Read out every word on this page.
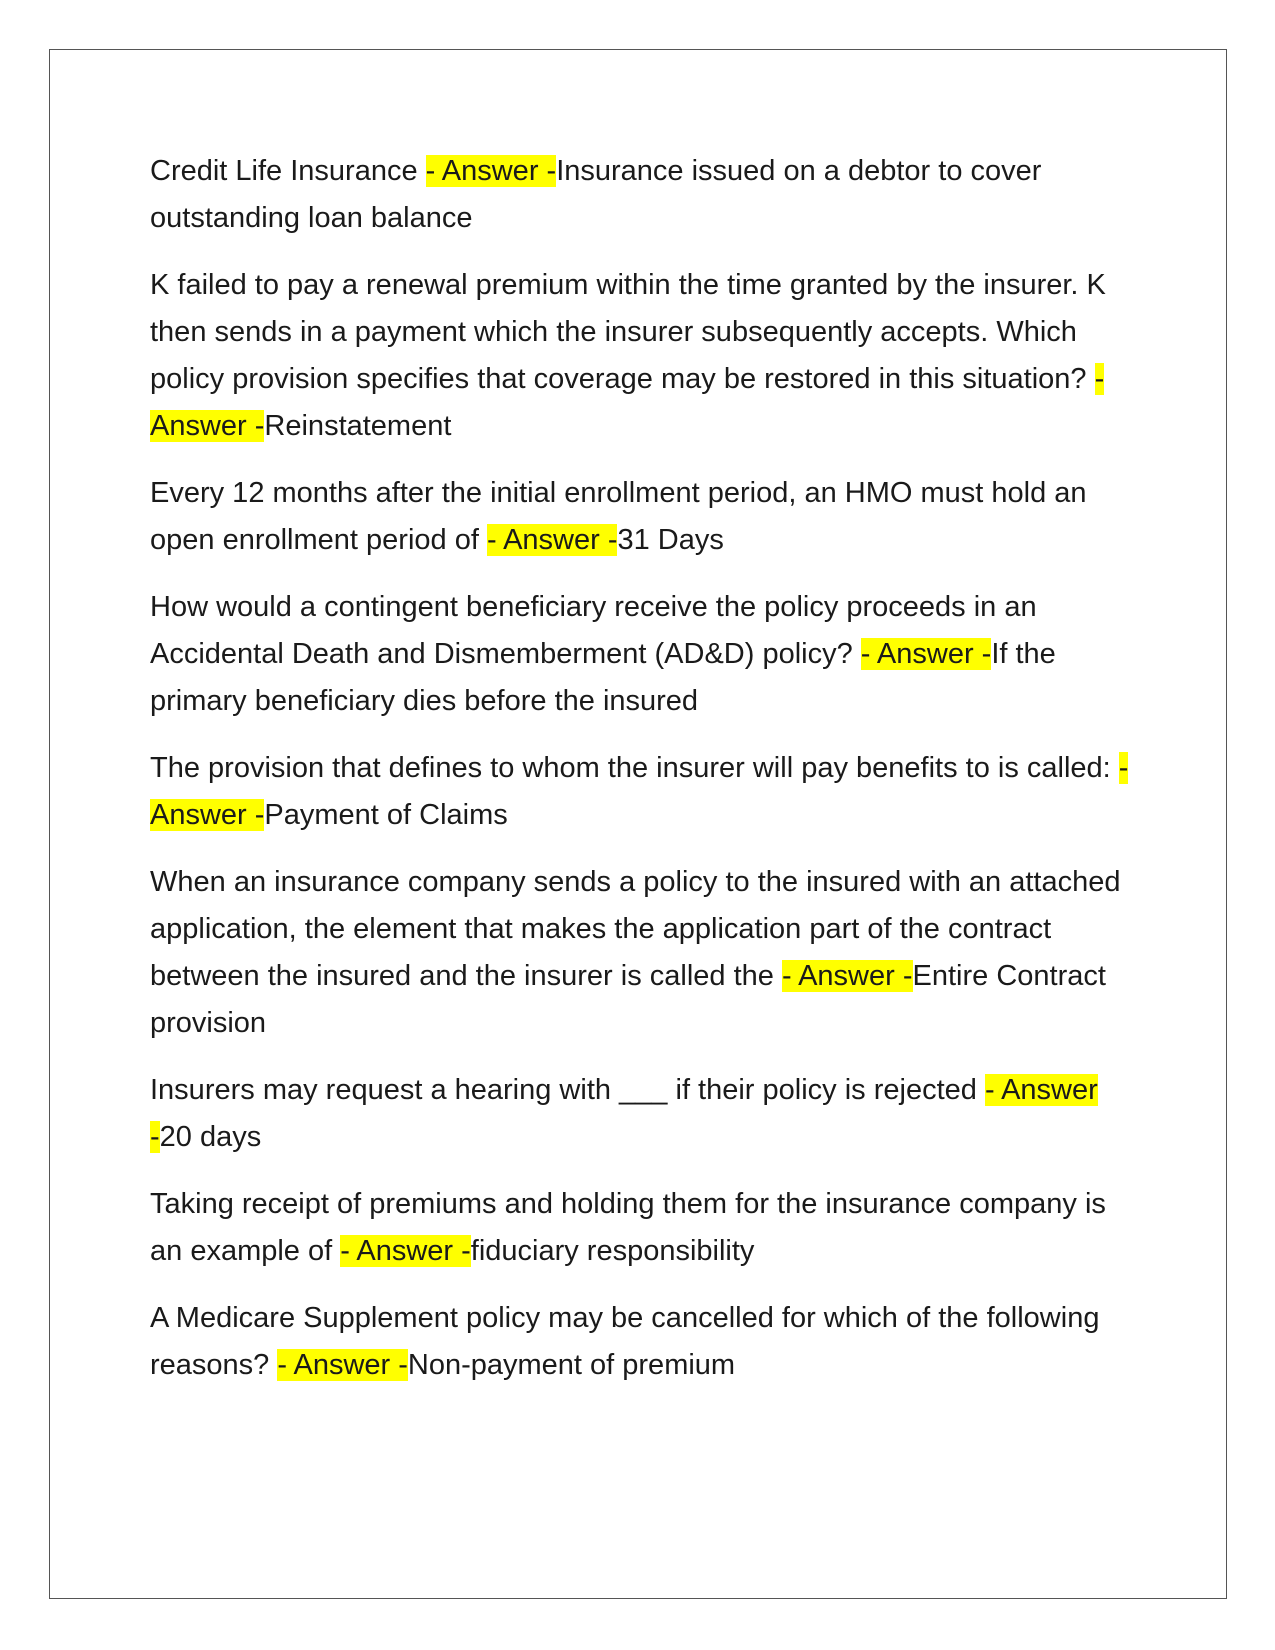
Credit Life Insurance - Answer -Insurance issued on a debtor to cover outstanding loan balance

K failed to pay a renewal premium within the time granted by the insurer. K then sends in a payment which the insurer subsequently accepts. Which policy provision specifies that coverage may be restored in this situation? - Answer -Reinstatement

Every 12 months after the initial enrollment period, an HMO must hold an open enrollment period of - Answer -31 Days

How would a contingent beneficiary receive the policy proceeds in an Accidental Death and Dismemberment (AD&D) policy? - Answer -If the primary beneficiary dies before the insured

The provision that defines to whom the insurer will pay benefits to is called: - Answer -Payment of Claims

When an insurance company sends a policy to the insured with an attached application, the element that makes the application part of the contract between the insured and the insurer is called the - Answer -Entire Contract provision

Insurers may request a hearing with ___ if their policy is rejected - Answer -20 days

Taking receipt of premiums and holding them for the insurance company is an example of - Answer -fiduciary responsibility

A Medicare Supplement policy may be cancelled for which of the following reasons? - Answer -Non-payment of premium
